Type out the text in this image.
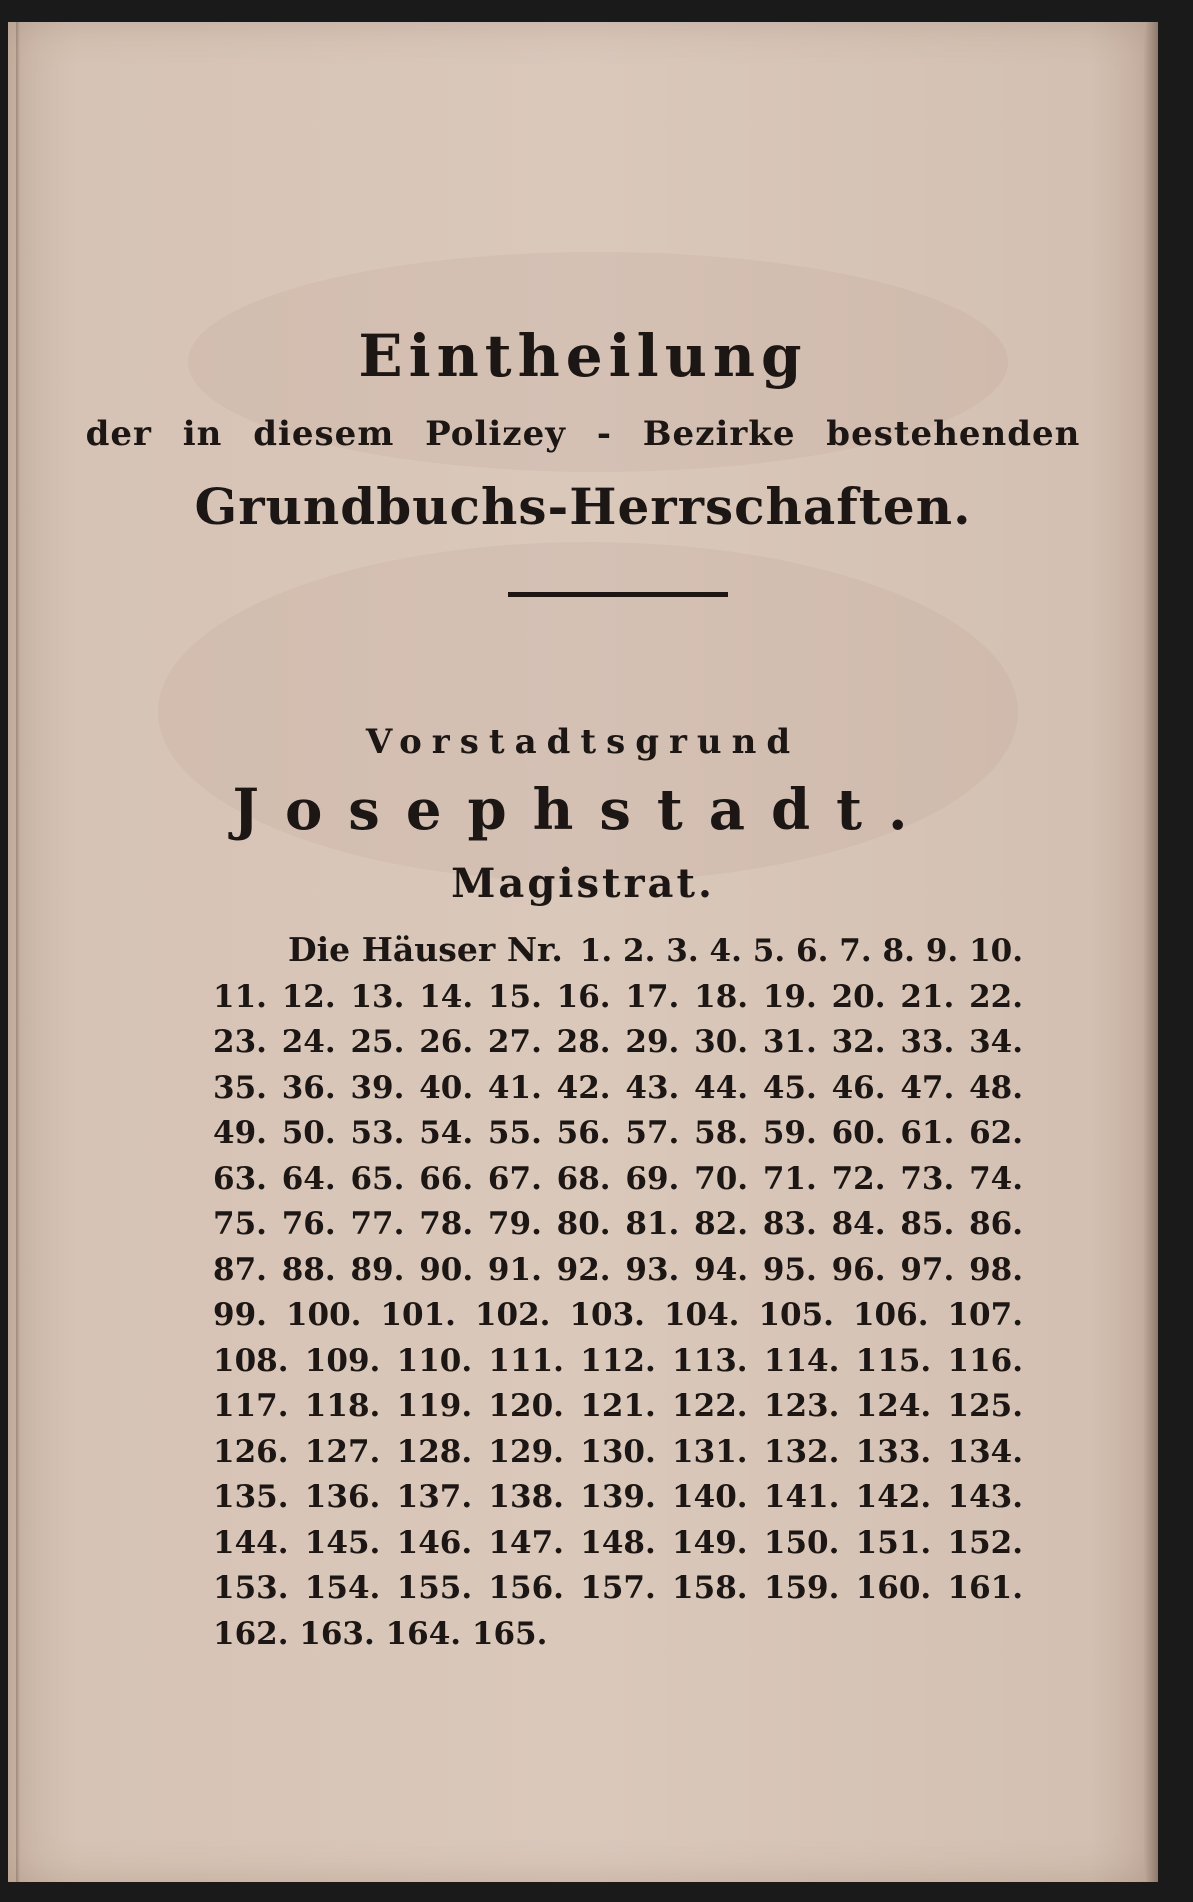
Eintheilung
der in diesem Polizey - Bezirke bestehenden
Grundbuchs-Herrschaften.
Vorstadtsgrund
Josephstadt.
Magistrat.
Die Häuser Nr. 1. 2. 3. 4. 5. 6. 7. 8. 9. 10. 11. 12. 13. 14. 15. 16. 17. 18. 19. 20. 21. 22. 23. 24. 25. 26. 27. 28. 29. 30. 31. 32. 33. 34. 35. 36. 39. 40. 41. 42. 43. 44. 45. 46. 47. 48. 49. 50. 53. 54. 55. 56. 57. 58. 59. 60. 61. 62. 63. 64. 65. 66. 67. 68. 69. 70. 71. 72. 73. 74. 75. 76. 77. 78. 79. 80. 81. 82. 83. 84. 85. 86. 87. 88. 89. 90. 91. 92. 93. 94. 95. 96. 97. 98. 99. 100. 101. 102. 103. 104. 105. 106. 107. 108. 109. 110. 111. 112. 113. 114. 115. 116. 117. 118. 119. 120. 121. 122. 123. 124. 125. 126. 127. 128. 129. 130. 131. 132. 133. 134. 135. 136. 137. 138. 139. 140. 141. 142. 143. 144. 145. 146. 147. 148. 149. 150. 151. 152. 153. 154. 155. 156. 157. 158. 159. 160. 161. 162. 163. 164. 165.
